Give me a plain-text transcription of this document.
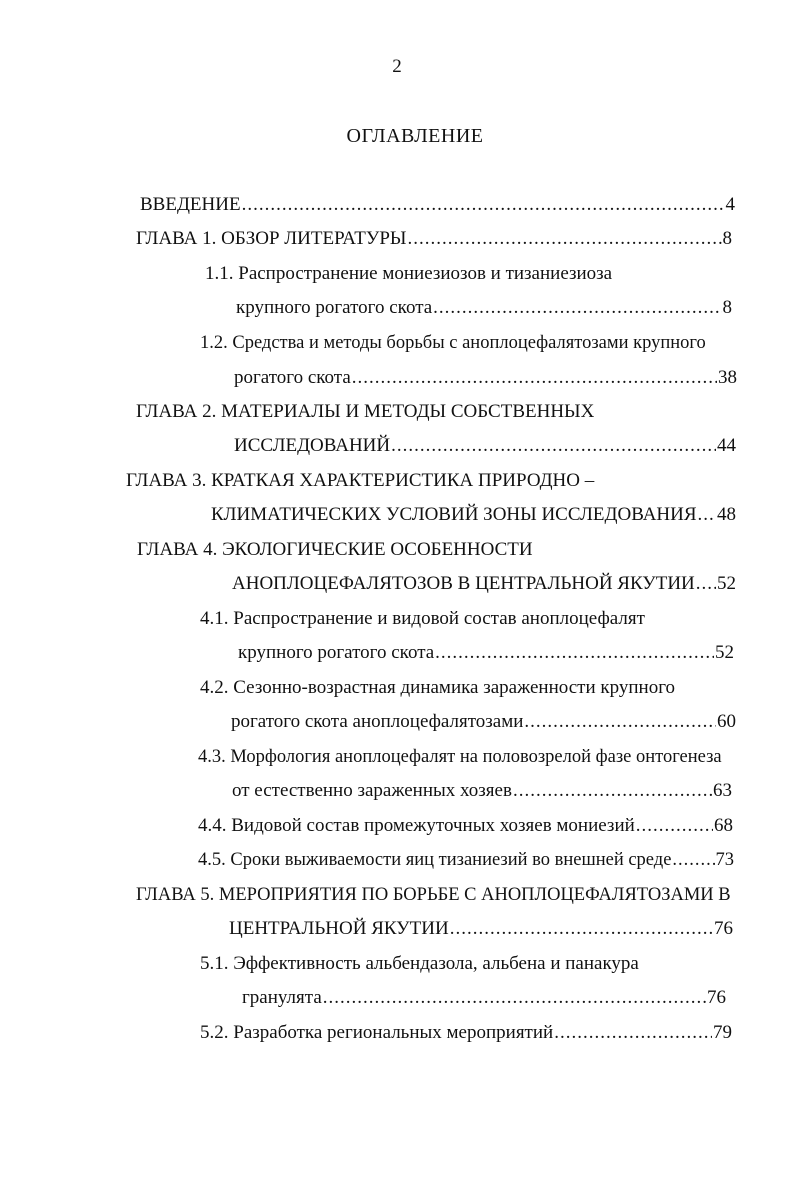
2
ОГЛАВЛЕНИЕ
ВВЕДЕНИЕ .....	4
ГЛАВА 1. ОБЗОР ЛИТЕРАТУРЫ .....	8
1.1. Распространение мониезиозов и тизаниезиоза
крупного рогатого скота .....	8
1.2. Средства и методы борьбы с аноплоцефалятозами крупного
рогатого скота .....	38
ГЛАВА 2. МАТЕРИАЛЫ И МЕТОДЫ СОБСТВЕННЫХ
ИССЛЕДОВАНИЙ .....	44
ГЛАВА 3. КРАТКАЯ ХАРАКТЕРИСТИКА ПРИРОДНО –
КЛИМАТИЧЕСКИХ УСЛОВИЙ ЗОНЫ ИССЛЕДОВАНИЯ ..... 48
ГЛАВА 4. ЭКОЛОГИЧЕСКИЕ ОСОБЕННОСТИ
АНОПЛОЦЕФАЛЯТОЗОВ В ЦЕНТРАЛЬНОЙ ЯКУТИИ ..... 52
4.1. Распространение и видовой состав аноплоцефалят
крупного рогатого скота .....	52
4.2. Сезонно-возрастная динамика зараженности крупного
рогатого скота аноплоцефалятозами .....	60
4.3. Морфология аноплоцефалят на половозрелой фазе онтогенеза
от естественно зараженных хозяев .....	63
4.4. Видовой состав промежуточных хозяев мониезий .....	68
4.5. Сроки выживаемости яиц тизаниезий во внешней среде ..... 73
ГЛАВА 5. МЕРОПРИЯТИЯ ПО БОРЬБЕ С АНОПЛОЦЕФАЛЯТОЗАМИ В
ЦЕНТРАЛЬНОЙ ЯКУТИИ .....	76
5.1. Эффективность альбендазола, альбена и панакура
гранулята .....	76
5.2. Разработка региональных мероприятий .....	79
